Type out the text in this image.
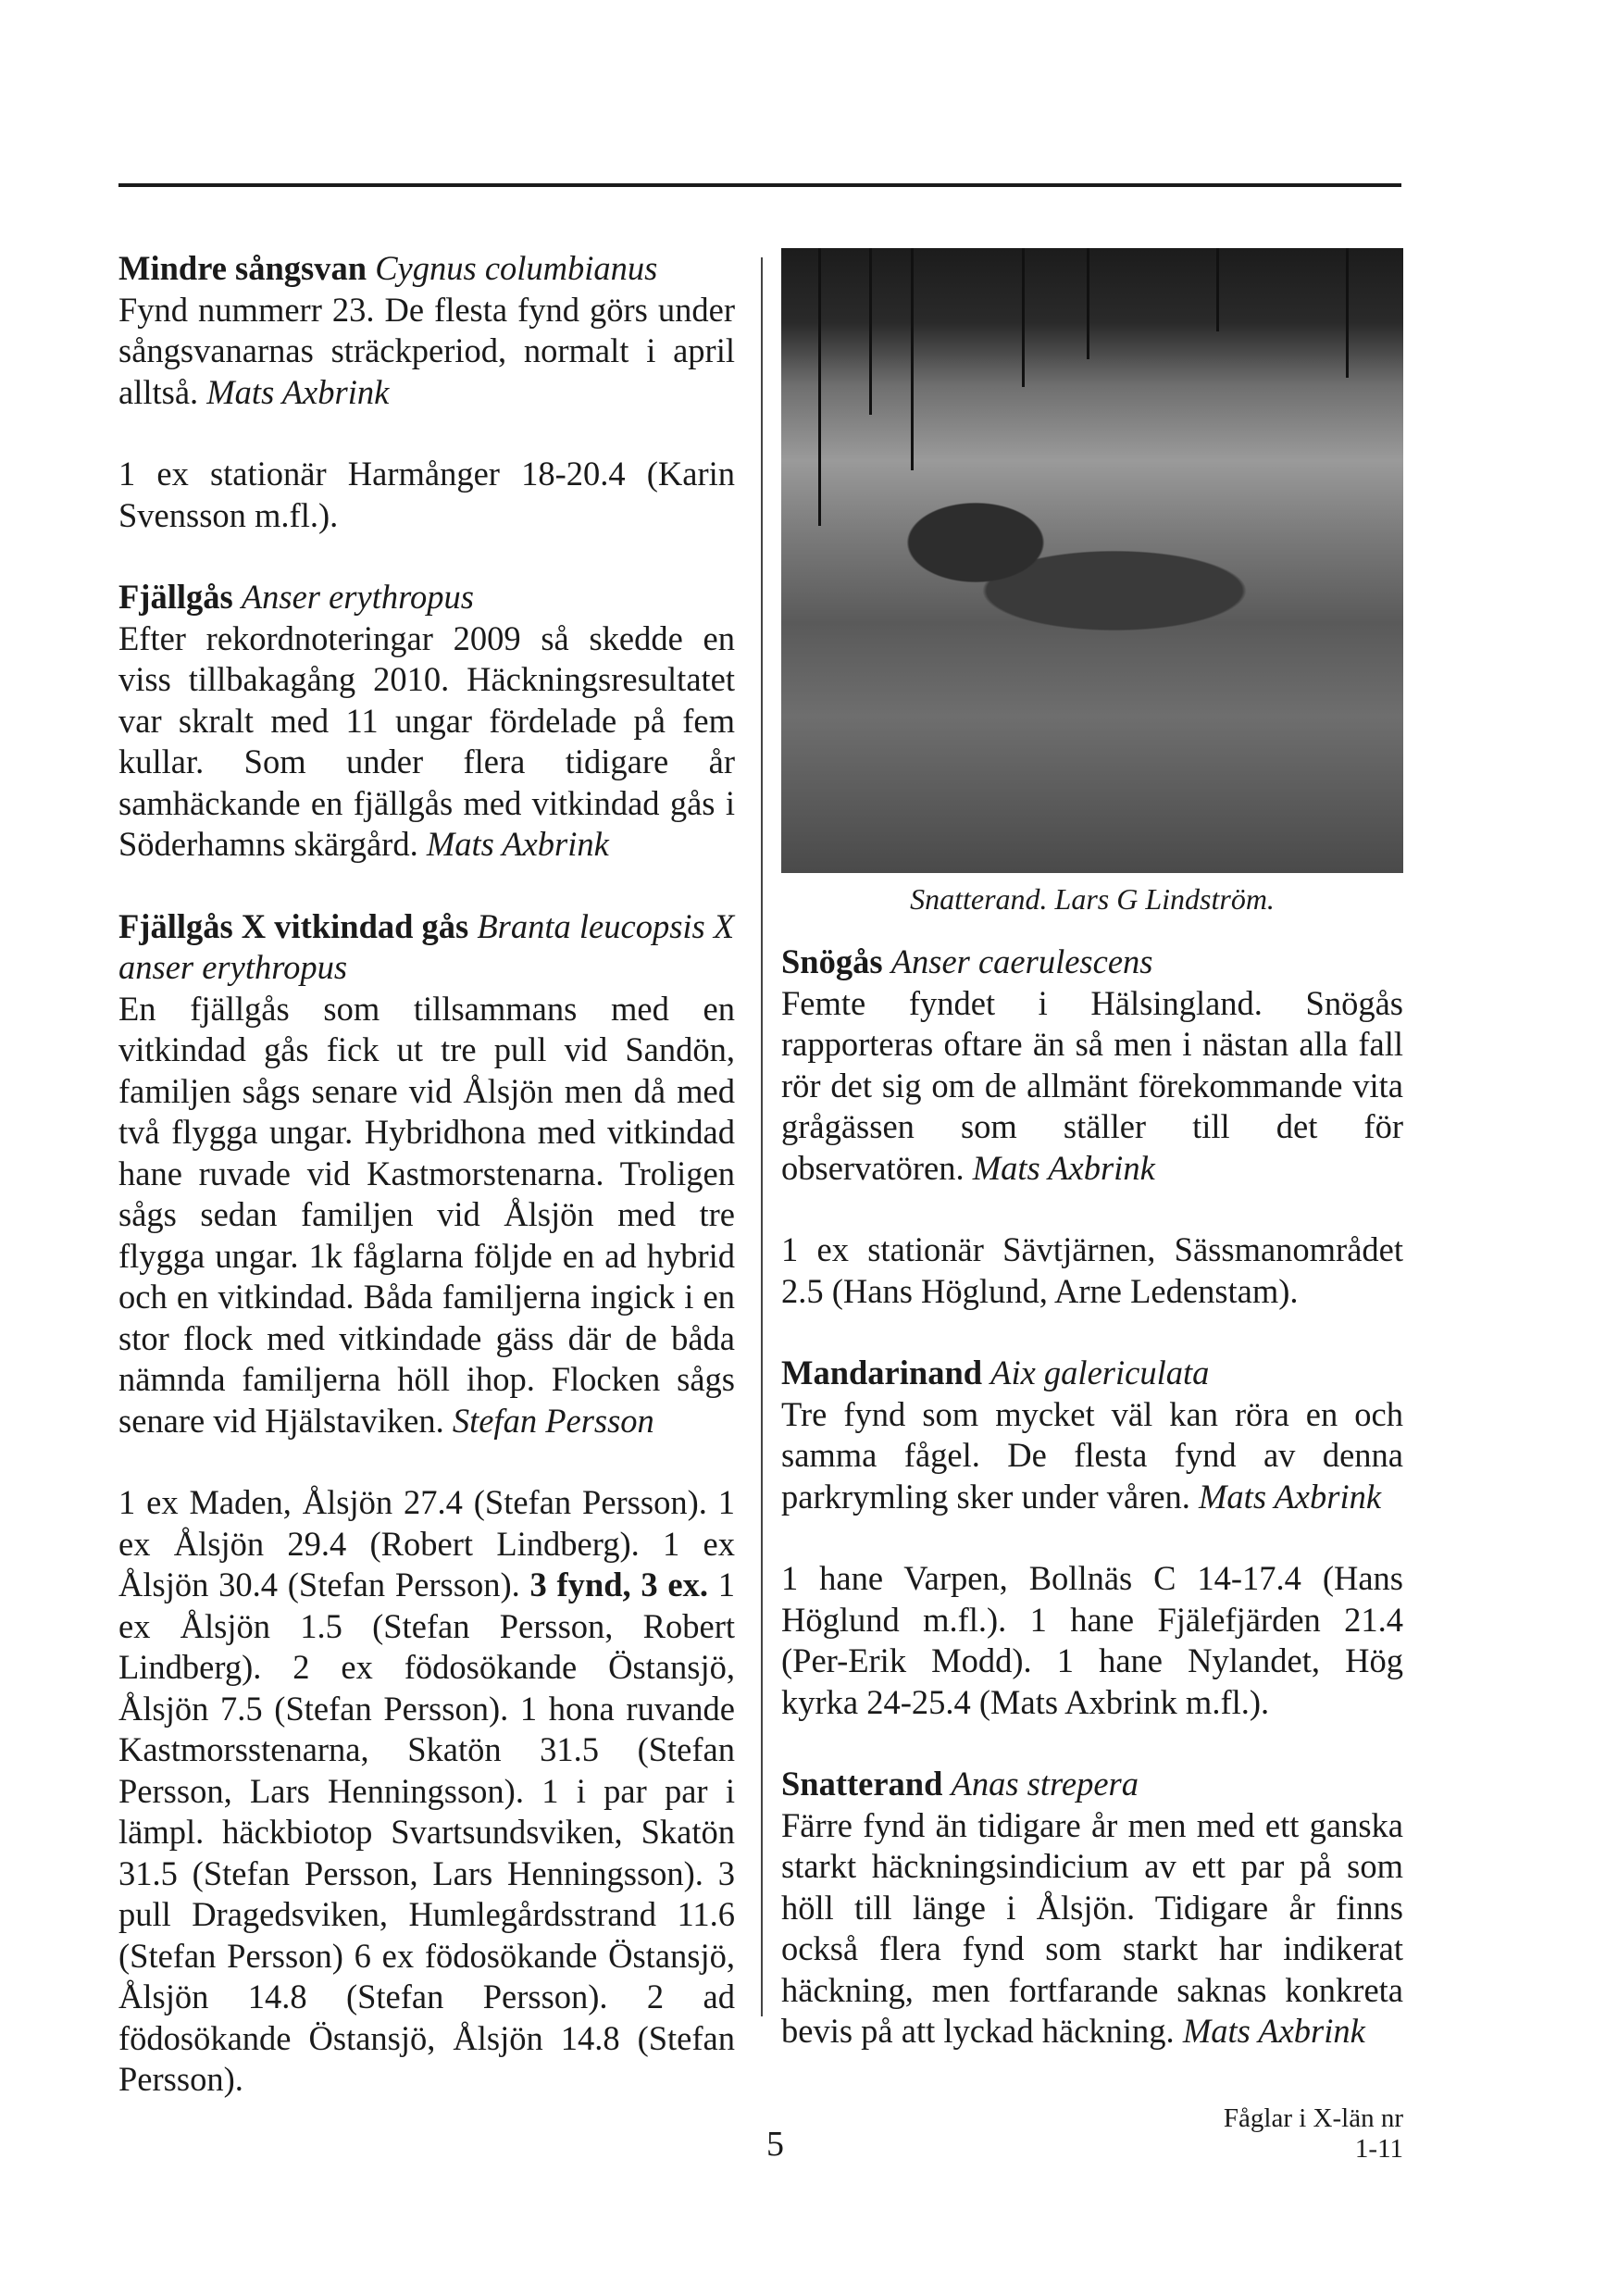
Mindre sångsvan Cygnus columbianus

Fynd nummerr 23. De flesta fynd görs under sångsvanarnas sträckperiod, normalt i april alltså. Mats Axbrink

1 ex stationär Harmånger 18-20.4 (Karin Svensson m.fl.).

Fjällgås Anser erythropus

Efter rekordnoteringar 2009 så skedde en viss tillbakagång 2010. Häckningsresultatet var skralt med 11 ungar fördelade på fem kullar. Som under flera tidigare år samhäckande en fjällgås med vitkindad gås i Söderhamns skärgård. Mats Axbrink

Fjällgås X vitkindad gås Branta leucopsis X anser erythropus

En fjällgås som tillsammans med en vitkindad gås fick ut tre pull vid Sandön, familjen sågs senare vid Ålsjön men då med två flygga ungar. Hybridhona med vitkindad hane ruvade vid Kastmorstenarna. Troligen sågs sedan familjen vid Ålsjön med tre flygga ungar. 1k fåglarna följde en ad hybrid och en vitkindad. Båda familjerna ingick i en stor flock med vitkindade gäss där de båda nämnda familjerna höll ihop. Flocken sågs senare vid Hjälstaviken. Stefan Persson

1 ex Maden, Ålsjön 27.4 (Stefan Persson). 1 ex Ålsjön 29.4 (Robert Lindberg). 1 ex Ålsjön 30.4 (Stefan Persson). 3 fynd, 3 ex. 1 ex Ålsjön 1.5 (Stefan Persson, Robert Lindberg). 2 ex födosökande Östansjö, Ålsjön 7.5 (Stefan Persson). 1 hona ruvande Kastmorsstenarna, Skatön 31.5 (Stefan Persson, Lars Henningsson). 1 i par par i lämpl. häckbiotop Svartsundsviken, Skatön 31.5 (Stefan Persson, Lars Henningsson). 3 pull Dragedsviken, Humlegårdsstrand 11.6 (Stefan Persson) 6 ex födosökande Östansjö, Ålsjön 14.8 (Stefan Persson). 2 ad födosökande Östansjö, Ålsjön 14.8 (Stefan Persson).

Snatterand. Lars G Lindström.

Snögås Anser caerulescens

Femte fyndet i Hälsingland. Snögås rapporteras oftare än så men i nästan alla fall rör det sig om de allmänt förekommande vita grågässen som ställer till det för observatören. Mats Axbrink

1 ex stationär Sävtjärnen, Sässmanområdet 2.5 (Hans Höglund, Arne Ledenstam).

Mandarinand Aix galericulata

Tre fynd som mycket väl kan röra en och samma fågel. De flesta fynd av denna parkrymling sker under våren. Mats Axbrink

1 hane Varpen, Bollnäs C 14-17.4 (Hans Höglund m.fl.). 1 hane Fjälefjärden 21.4 (Per-Erik Modd). 1 hane Nylandet, Hög kyrka 24-25.4 (Mats Axbrink m.fl.).

Snatterand Anas strepera

Färre fynd än tidigare år men med ett ganska starkt häckningsindicium av ett par på som höll till länge i Ålsjön. Tidigare år finns också flera fynd som starkt har indikerat häckning, men fortfarande saknas konkreta bevis på att lyckad häckning. Mats Axbrink

5
Fåglar i X-län nr 1-11
